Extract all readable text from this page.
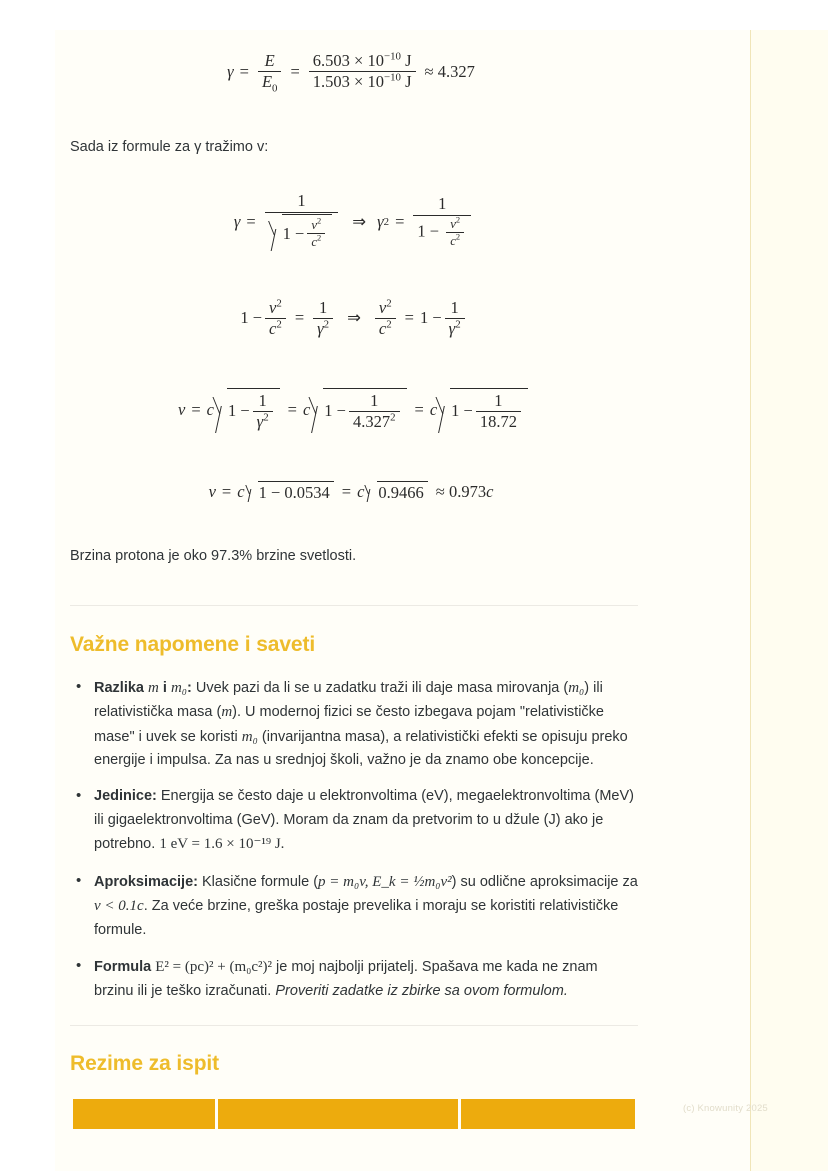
$\gamma = \frac{E}{E_0} = \frac{6.503 \times 10^{-10} J}{1.503 \times 10^{-10} J} \approx 4.327$
Sada iz formule za γ tražimo v:
γ =
1
$1 - \frac{v^2}{c^2}$ ⇒ γ $2 = \frac{1}{1 - \frac{v^2}{c^2}}$
$1 - \frac{v^2}{c^2} = \frac{1}{\gamma^2}$ ⇒ $\frac{v^2}{c^2} = 1 - \frac{1}{\gamma^2}$
v = c $1 - \frac{1}{\gamma^2} = c$ $1 - \frac{1}{4.327^2} = c$ $1 - \frac{1}{18.72}$
v = c 1 − 0.0534 = c 0.9466 ≈ 0.973c
Brzina protona je oko 97.3% brzine svetlosti.
Važne napomene i saveti
• Razlika m i m₀: Uvek pazi da li se u zadatku traži ili daje masa mirovanja (m₀) ili relativistička masa (m). U modernoj fizici se često izbegava pojam "relativističke mase" i uvek se koristi m₀ (invarijantna masa), a relativistički efekti se opisuju preko energije i impulsa. Za nas u srednjoj školi, važno je da znamo obe koncepcije.
• Jedinice: Energija se često daje u elektronvoltima (eV), megaelektronvoltima (MeV) ili gigaelektronvoltima (GeV). Moram da znam da pretvorim to u džule (J) ako je potrebno. 1 eV = 1.6 × 10⁻¹⁹ J.
• Aproksimacije: Klasične formule (p = m₀v, E_k = ½m₀v²) su odlične aproksimacije za v < 0.1c. Za veće brzine, greška postaje prevelika i moraju se koristiti relativističke formule.
• Formula E² = (pc)² + (m₀c²)² je moj najbolji prijatelj. Spašava me kada ne znam brzinu ili je teško izračunati. Proveriti zadatke iz zbirke sa ovom formulom.
Rezime za ispit

(c) Knowunity 2025
